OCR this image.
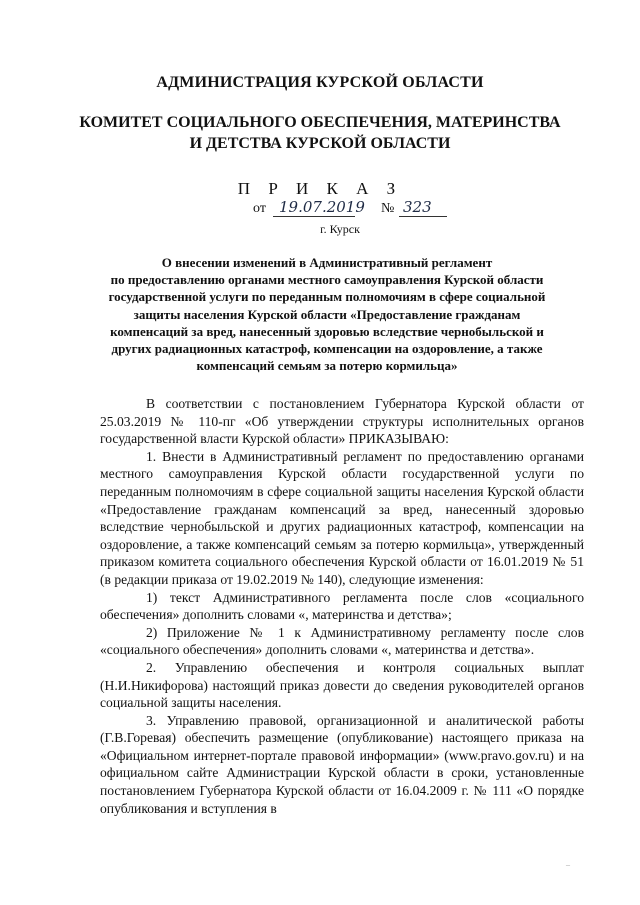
АДМИНИСТРАЦИЯ КУРСКОЙ ОБЛАСТИ
КОМИТЕТ СОЦИАЛЬНОГО ОБЕСПЕЧЕНИЯ, МАТЕРИНСТВА
И ДЕТСТВА КУРСКОЙ ОБЛАСТИ
П Р И К А З
от 19.07.2019 № 323
г. Курск
О внесении изменений в Административный регламент
по предоставлению органами местного самоуправления Курской области
государственной услуги по переданным полномочиям в сфере социальной
защиты населения Курской области «Предоставление гражданам
компенсаций за вред, нанесенный здоровью вследствие чернобыльской и
других радиационных катастроф, компенсации на оздоровление, а также
компенсаций семьям за потерю кормильца»

В соответствии с постановлением Губернатора Курской области от 25.03.2019 № 110-пг «Об утверждении структуры исполнительных органов государственной власти Курской области» ПРИКАЗЫВАЮ:

1. Внести в Административный регламент по предоставлению органами местного самоуправления Курской области государственной услуги по переданным полномочиям в сфере социальной защиты населения Курской области «Предоставление гражданам компенсаций за вред, нанесенный здоровью вследствие чернобыльской и других радиационных катастроф, компенсации на оздоровление, а также компенсаций семьям за потерю кормильца», утвержденный приказом комитета социального обеспечения Курской области от 16.01.2019 № 51 (в редакции приказа от 19.02.2019 № 140), следующие изменения:

1) текст Административного регламента после слов «социального обеспечения» дополнить словами «, материнства и детства»;

2) Приложение № 1 к Административному регламенту после слов «социального обеспечения» дополнить словами «, материнства и детства».

2. Управлению обеспечения и контроля социальных выплат (Н.И.Никифорова) настоящий приказ довести до сведения руководителей органов социальной защиты населения.

3. Управлению правовой, организационной и аналитической работы (Г.В.Горевая) обеспечить размещение (опубликование) настоящего приказа на «Официальном интернет-портале правовой информации» (www.pravo.gov.ru) и на официальном сайте Администрации Курской области в сроки, установленные постановлением Губернатора Курской области от 16.04.2009 г. № 111 «О порядке опубликования и вступления в

–
